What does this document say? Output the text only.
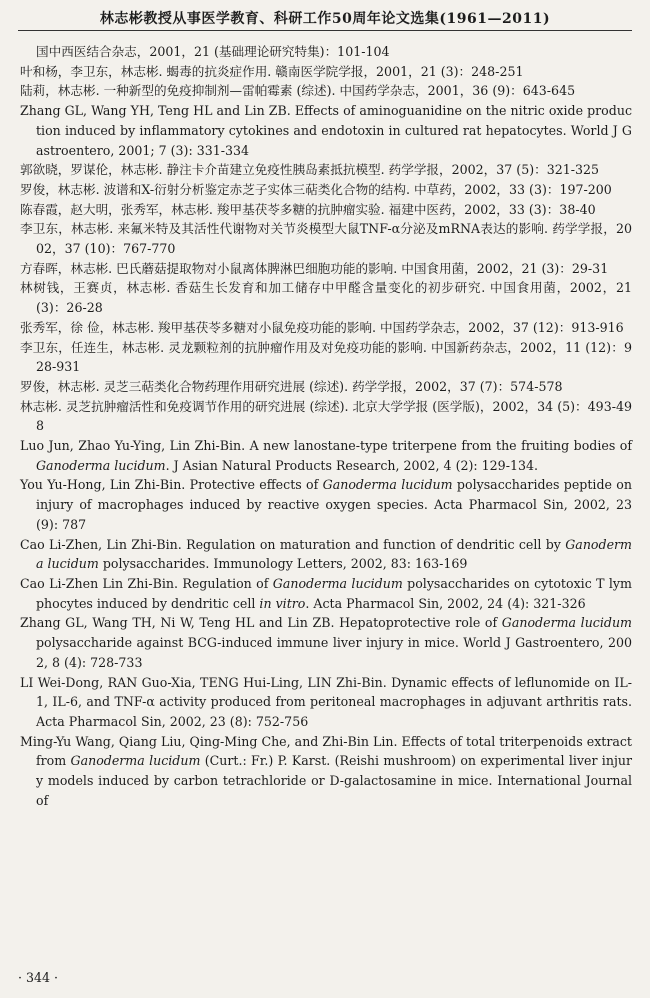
林志彬教授从事医学教育、科研工作50周年论文选集(1961—2011)
国中西医结合杂志，2001，21 (基础理论研究特集)：101-104
叶和杨，李卫东，林志彬. 蝎毒的抗炎症作用. 赣南医学院学报，2001，21 (3)：248-251
陆莉，林志彬. 一种新型的免疫抑制剂—雷帕霉素 (综述). 中国药学杂志，2001，36 (9)：643-645
Zhang GL, Wang YH, Teng HL and Lin ZB. Effects of aminoguanidine on the nitric oxide production induced by inflammatory cytokines and endotoxin in cultured rat hepatocytes. World J Gastroentero, 2001; 7 (3): 331-334
郭欲晓，罗谋伦，林志彬. 静注卡介苗建立免疫性胰岛素抵抗模型. 药学学报，2002，37 (5)：321-325
罗俊，林志彬. 波谱和X-衍射分析鉴定赤芝子实体三萜类化合物的结构. 中草药，2002，33 (3)：197-200
陈春霞，赵大明，张秀军，林志彬. 羧甲基茯苓多糖的抗肿瘤实验. 福建中医药，2002，33 (3)：38-40
李卫东，林志彬. 来氟米特及其活性代谢物对关节炎模型大鼠TNF-α分泌及mRNA表达的影响. 药学学报，2002，37 (10)：767-770
方春晖，林志彬. 巴氏蘑菇提取物对小鼠离体脾淋巴细胞功能的影响. 中国食用菌，2002，21 (3)：29-31
林树钱，王赛贞，林志彬. 香菇生长发育和加工储存中甲醛含量变化的初步研究. 中国食用菌，2002，21 (3)：26-28
张秀军，徐 俭，林志彬. 羧甲基茯苓多糖对小鼠免疫功能的影响. 中国药学杂志，2002，37 (12)：913-916
李卫东，任连生，林志彬. 灵龙颗粒剂的抗肿瘤作用及对免疫功能的影响. 中国新药杂志，2002，11 (12)：928-931
罗俊，林志彬. 灵芝三萜类化合物药理作用研究进展 (综述). 药学学报，2002，37 (7)：574-578
林志彬. 灵芝抗肿瘤活性和免疫调节作用的研究进展 (综述). 北京大学学报 (医学版)，2002，34 (5)：493-498
Luo Jun, Zhao Yu-Ying, Lin Zhi-Bin. A new lanostane-type triterpene from the fruiting bodies of Ganoderma lucidum. J Asian Natural Products Research, 2002, 4 (2): 129-134.
You Yu-Hong, Lin Zhi-Bin. Protective effects of Ganoderma lucidum polysaccharides peptide on injury of macrophages induced by reactive oxygen species. Acta Pharmacol Sin, 2002, 23 (9): 787
Cao Li-Zhen, Lin Zhi-Bin. Regulation on maturation and function of dendritic cell by Ganoderma lucidum polysaccharides. Immunology Letters, 2002, 83: 163-169
Cao Li-Zhen Lin Zhi-Bin. Regulation of Ganoderma lucidum polysaccharides on cytotoxic T lymphocytes induced by dendritic cell in vitro. Acta Pharmacol Sin, 2002, 24 (4): 321-326
Zhang GL, Wang TH, Ni W, Teng HL and Lin ZB. Hepatoprotective role of Ganoderma lucidum polysaccharide against BCG-induced immune liver injury in mice. World J Gastroentero, 2002, 8 (4): 728-733
LI Wei-Dong, RAN Guo-Xia, TENG Hui-Ling, LIN Zhi-Bin. Dynamic effects of leflunomide on IL-1, IL-6, and TNF-α activity produced from peritoneal macrophages in adjuvant arthritis rats. Acta Pharmacol Sin, 2002, 23 (8): 752-756
Ming-Yu Wang, Qiang Liu, Qing-Ming Che, and Zhi-Bin Lin. Effects of total triterpenoids extract from Ganoderma lucidum (Curt.: Fr.) P. Karst. (Reishi mushroom) on experimental liver injury models induced by carbon tetrachloride or D-galactosamine in mice. International Journal of
· 344 ·
